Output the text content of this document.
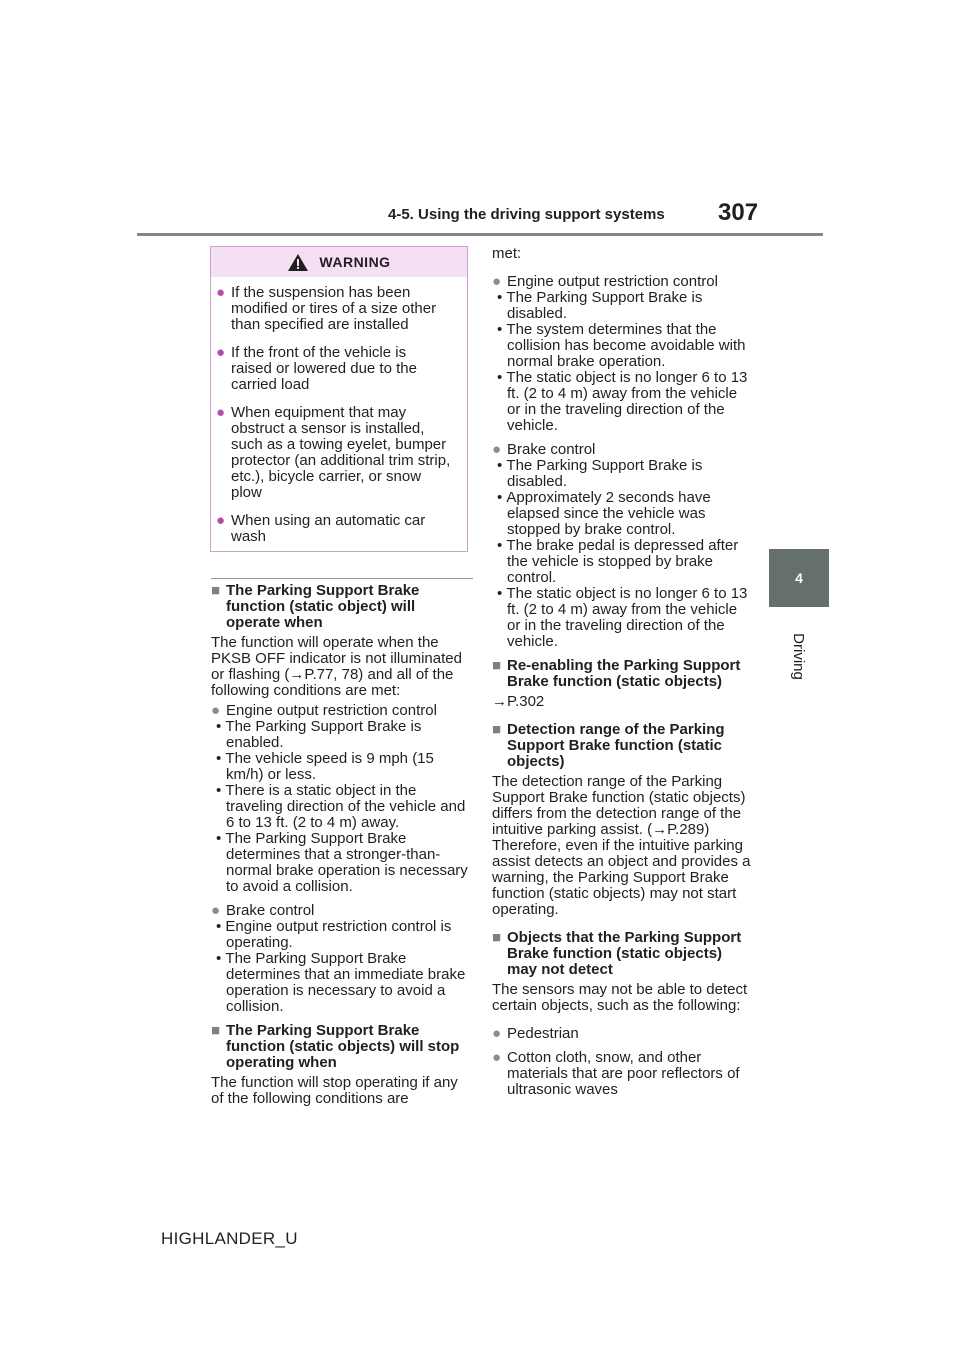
4-5. Using the driving support systems 307
4
Driving
WARNING
● If the suspension has been modified or tires of a size other than specified are installed
● If the front of the vehicle is raised or lowered due to the carried load
● When equipment that may obstruct a sensor is installed, such as a towing eyelet, bumper protector (an additional trim strip, etc.), bicycle carrier, or snow plow
● When using an automatic car wash
■ The Parking Support Brake function (static object) will operate when
The function will operate when the PKSB OFF indicator is not illuminated or flashing (→P.77, 78) and all of the following conditions are met:
● Engine output restriction control
• The Parking Support Brake is enabled.
• The vehicle speed is 9 mph (15 km/h) or less.
• There is a static object in the traveling direction of the vehicle and 6 to 13 ft. (2 to 4 m) away.
• The Parking Support Brake determines that a stronger-than-normal brake operation is necessary to avoid a collision.
● Brake control
• Engine output restriction control is operating.
• The Parking Support Brake determines that an immediate brake operation is necessary to avoid a collision.
■ The Parking Support Brake function (static objects) will stop operating when
The function will stop operating if any of the following conditions are
met:
● Engine output restriction control
• The Parking Support Brake is disabled.
• The system determines that the collision has become avoidable with normal brake operation.
• The static object is no longer 6 to 13 ft. (2 to 4 m) away from the vehicle or in the traveling direction of the vehicle.
● Brake control
• The Parking Support Brake is disabled.
• Approximately 2 seconds have elapsed since the vehicle was stopped by brake control.
• The brake pedal is depressed after the vehicle is stopped by brake control.
• The static object is no longer 6 to 13 ft. (2 to 4 m) away from the vehicle or in the traveling direction of the vehicle.
■ Re-enabling the Parking Support Brake function (static objects)
→P.302
■ Detection range of the Parking Support Brake function (static objects)
The detection range of the Parking Support Brake function (static objects) differs from the detection range of the intuitive parking assist. (→P.289) Therefore, even if the intuitive parking assist detects an object and provides a warning, the Parking Support Brake function (static objects) may not start operating.
■ Objects that the Parking Support Brake function (static objects) may not detect
The sensors may not be able to detect certain objects, such as the following:
● Pedestrian
● Cotton cloth, snow, and other materials that are poor reflectors of ultrasonic waves
HIGHLANDER_U
